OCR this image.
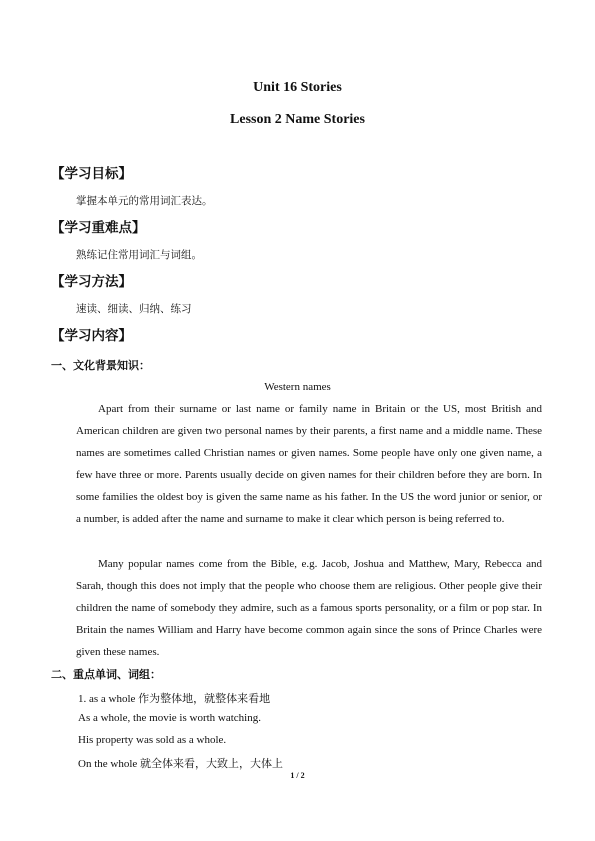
Unit 16 Stories
Lesson 2 Name Stories
【学习目标】
掌握本单元的常用词汇表达。
【学习重难点】
熟练记住常用词汇与词组。
【学习方法】
速读、细读、归纳、练习
【学习内容】
一、文化背景知识：
Western names

Apart from their surname or last name or family name in Britain or the US, most British and American children are given two personal names by their parents, a first name and a middle name. These names are sometimes called Christian names or given names. Some people have only one given name, a few have three or more. Parents usually decide on given names for their children before they are born. In some families the oldest boy is given the same name as his father. In the US the word junior or senior, or a number, is added after the name and surname to make it clear which person is being referred to.

Many popular names come from the Bible, e.g. Jacob, Joshua and Matthew, Mary, Rebecca and Sarah, though this does not imply that the people who choose them are religious. Other people give their children the name of somebody they admire, such as a famous sports personality, or a film or pop star. In Britain the names William and Harry have become common again since the sons of Prince Charles were given these names.

二、重点单词、词组：
1. as a whole 作为整体地，就整体来看地
As a whole, the movie is worth watching.
His property was sold as a whole.
On the whole 就全体来看，大致上，大体上
1 / 2
